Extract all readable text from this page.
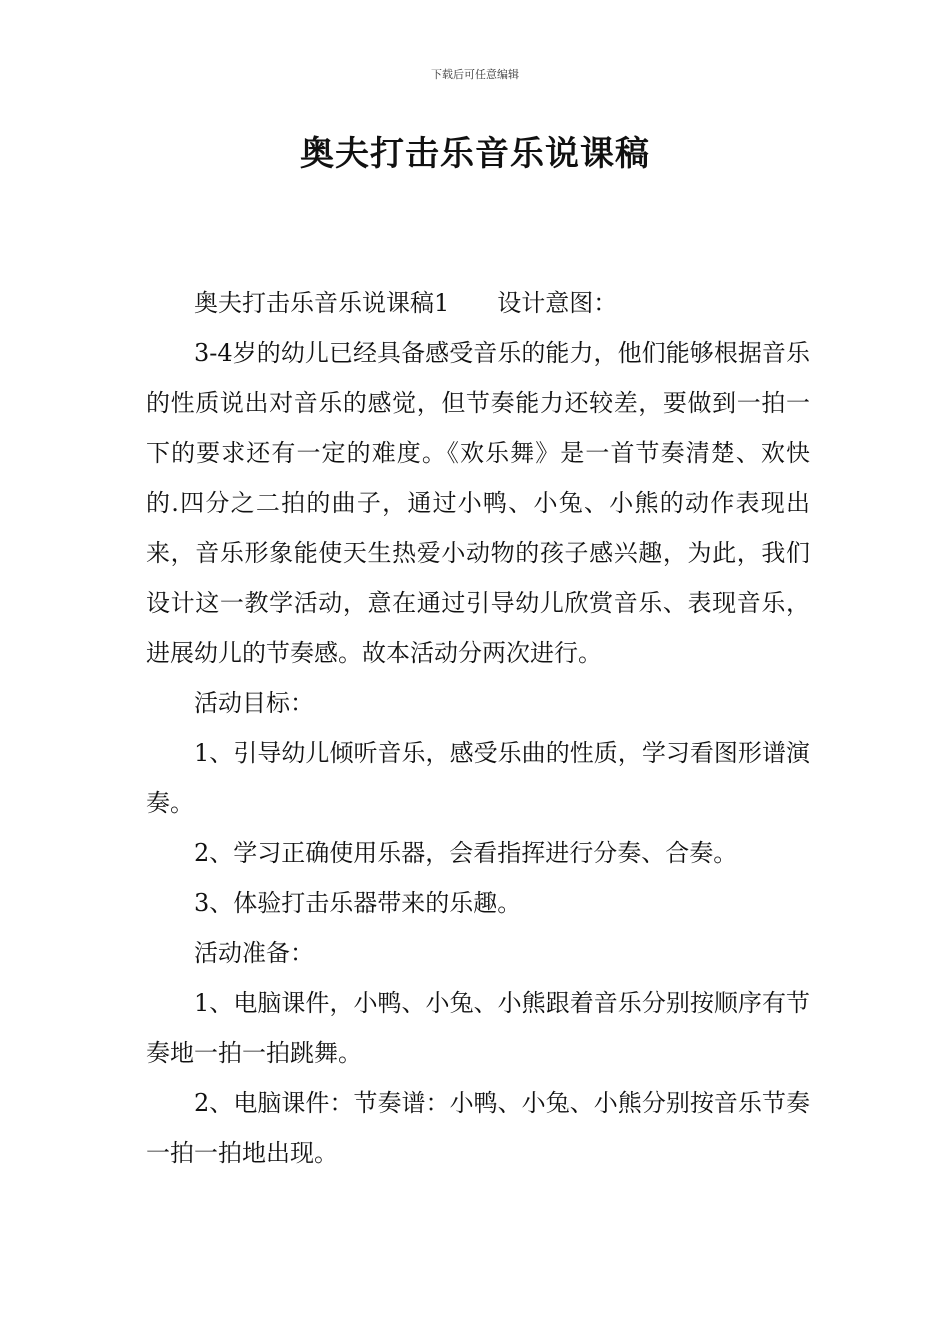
下载后可任意编辑
奥夫打击乐音乐说课稿

奥夫打击乐音乐说课稿1　　设计意图：

3-4岁的幼儿已经具备感受音乐的能力，他们能够根据音乐的性质说出对音乐的感觉，但节奏能力还较差，要做到一拍一下的要求还有一定的难度。《欢乐舞》是一首节奏清楚、欢快的.四分之二拍的曲子，通过小鸭、小兔、小熊的动作表现出来，音乐形象能使天生热爱小动物的孩子感兴趣，为此，我们设计这一教学活动，意在通过引导幼儿欣赏音乐、表现音乐，进展幼儿的节奏感。故本活动分两次进行。

活动目标：

1、引导幼儿倾听音乐，感受乐曲的性质，学习看图形谱演奏。

2、学习正确使用乐器，会看指挥进行分奏、合奏。

3、体验打击乐器带来的乐趣。

活动准备：

1、电脑课件，小鸭、小兔、小熊跟着音乐分别按顺序有节奏地一拍一拍跳舞。

2、电脑课件：节奏谱：小鸭、小兔、小熊分别按音乐节奏一拍一拍地出现。
